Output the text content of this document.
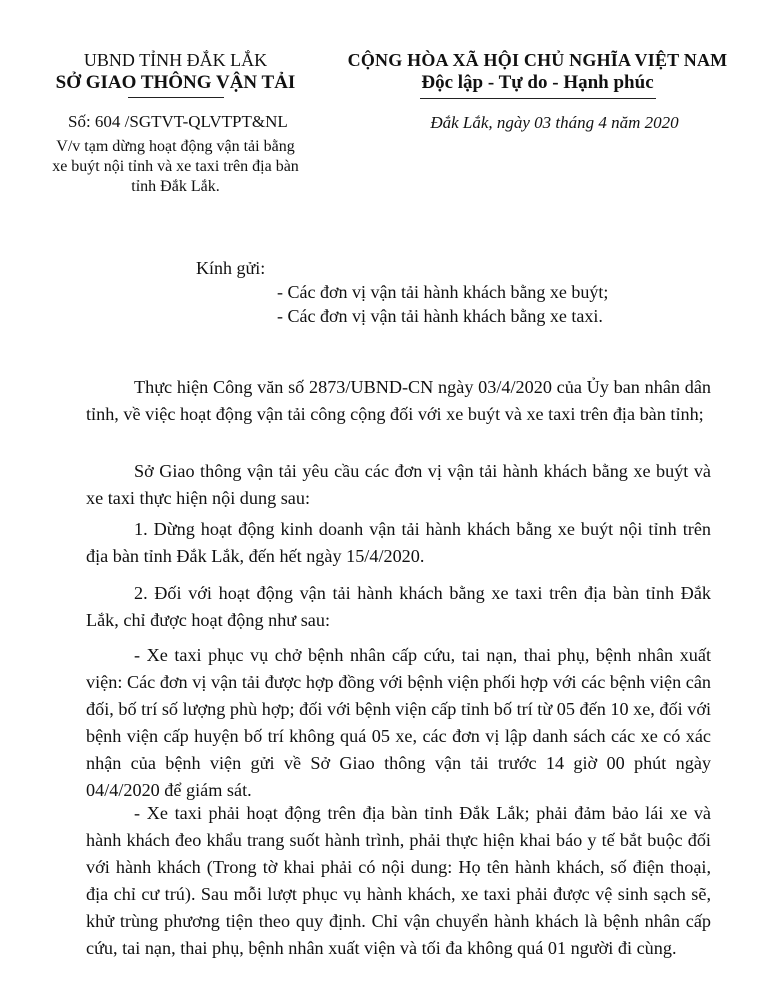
UBND TỈNH ĐẮK LẮK
SỞ GIAO THÔNG VẬN TẢI
Số: 604 /SGTVT-QLVTPT&NL
V/v tạm dừng hoạt động vận tải bằng
xe buýt nội tỉnh và xe taxi trên địa bàn
tỉnh Đắk Lắk.
CỘNG HÒA XÃ HỘI CHỦ NGHĨA VIỆT NAM
Độc lập - Tự do - Hạnh phúc
Đắk Lắk, ngày 03 tháng 4 năm 2020
Kính gửi:
- Các đơn vị vận tải hành khách bằng xe buýt;
- Các đơn vị vận tải hành khách bằng xe taxi.

Thực hiện Công văn số 2873/UBND-CN ngày 03/4/2020 của Ủy ban nhân dân tỉnh, về việc hoạt động vận tải công cộng đối với xe buýt và xe taxi trên địa bàn tỉnh;

Sở Giao thông vận tải yêu cầu các đơn vị vận tải hành khách bằng xe buýt và xe taxi thực hiện nội dung sau:

1. Dừng hoạt động kinh doanh vận tải hành khách bằng xe buýt nội tỉnh trên địa bàn tỉnh Đắk Lắk, đến hết ngày 15/4/2020.

2. Đối với hoạt động vận tải hành khách bằng xe taxi trên địa bàn tỉnh Đắk Lắk, chỉ được hoạt động như sau:

- Xe taxi phục vụ chở bệnh nhân cấp cứu, tai nạn, thai phụ, bệnh nhân xuất viện: Các đơn vị vận tải được hợp đồng với bệnh viện phối hợp với các bệnh viện cân đối, bố trí số lượng phù hợp; đối với bệnh viện cấp tỉnh bố trí từ 05 đến 10 xe, đối với bệnh viện cấp huyện bố trí không quá 05 xe, các đơn vị lập danh sách các xe có xác nhận của bệnh viện gửi về Sở Giao thông vận tải trước 14 giờ 00 phút ngày 04/4/2020 để giám sát.

- Xe taxi phải hoạt động trên địa bàn tỉnh Đắk Lắk; phải đảm bảo lái xe và hành khách đeo khẩu trang suốt hành trình, phải thực hiện khai báo y tế bắt buộc đối với hành khách (Trong tờ khai phải có nội dung: Họ tên hành khách, số điện thoại, địa chỉ cư trú). Sau mỗi lượt phục vụ hành khách, xe taxi phải được vệ sinh sạch sẽ, khử trùng phương tiện theo quy định. Chỉ vận chuyển hành khách là bệnh nhân cấp cứu, tai nạn, thai phụ, bệnh nhân xuất viện và tối đa không quá 01 người đi cùng.
